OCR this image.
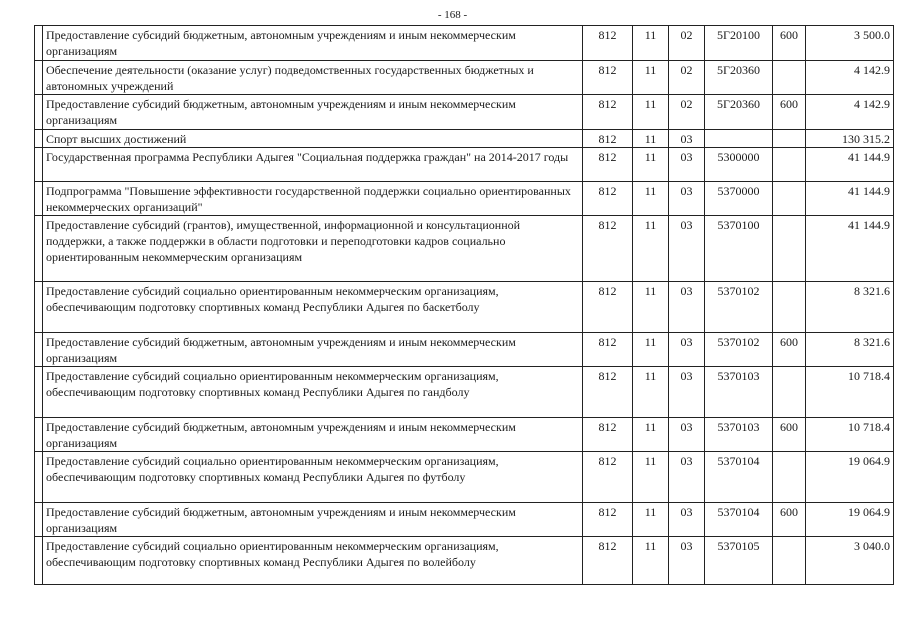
- 168 -
	Предоставление субсидий бюджетным, автономным учреждениям и иным некоммерческим организациям	812	11	02	5Г20100	600	3 500.0
	Обеспечение деятельности (оказание услуг) подведомственных государственных бюджетных и автономных учреждений	812	11	02	5Г20360		4 142.9
	Предоставление субсидий бюджетным, автономным учреждениям и иным некоммерческим организациям	812	11	02	5Г20360	600	4 142.9
	Спорт высших достижений	812	11	03			130 315.2
	Государственная программа Республики Адыгея "Социальная поддержка граждан" на 2014-2017 годы	812	11	03	5300000		41 144.9
	Подпрограмма "Повышение эффективности государственной поддержки социально ориентированных некоммерческих организаций"	812	11	03	5370000		41 144.9
	Предоставление субсидий (грантов), имущественной, информационной и консультационной поддержки, а также поддержки в области подготовки и переподготовки кадров социально ориентированным некоммерческим организациям	812	11	03	5370100		41 144.9
	Предоставление субсидий социально ориентированным некоммерческим организациям, обеспечивающим подготовку спортивных команд Республики Адыгея по баскетболу	812	11	03	5370102		8 321.6
	Предоставление субсидий бюджетным, автономным учреждениям и иным некоммерческим организациям	812	11	03	5370102	600	8 321.6
	Предоставление субсидий социально ориентированным некоммерческим организациям, обеспечивающим подготовку спортивных команд Республики Адыгея по гандболу	812	11	03	5370103		10 718.4
	Предоставление субсидий бюджетным, автономным учреждениям и иным некоммерческим организациям	812	11	03	5370103	600	10 718.4
	Предоставление субсидий социально ориентированным некоммерческим организациям, обеспечивающим подготовку спортивных команд Республики Адыгея по футболу	812	11	03	5370104		19 064.9
	Предоставление субсидий бюджетным, автономным учреждениям и иным некоммерческим организациям	812	11	03	5370104	600	19 064.9
	Предоставление субсидий социально ориентированным некоммерческим организациям, обеспечивающим подготовку спортивных команд Республики Адыгея по волейболу	812	11	03	5370105		3 040.0
